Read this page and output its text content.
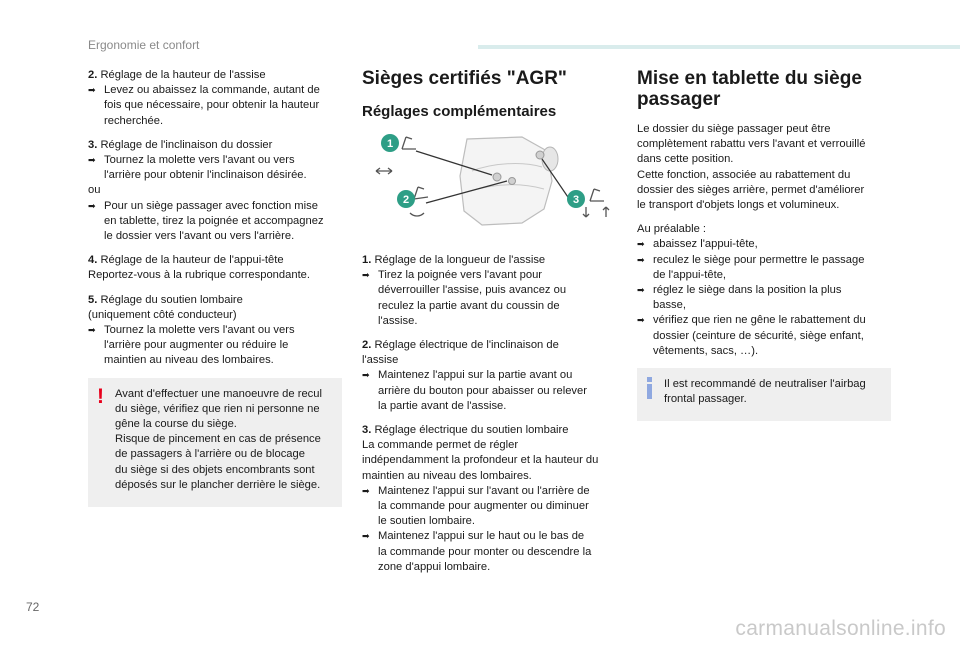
Ergonomie et confort
2. Réglage de la hauteur de l'assise
➡ Levez ou abaissez la commande, autant de
fois que nécessaire, pour obtenir la hauteur
recherchée.
3. Réglage de l'inclinaison du dossier
➡ Tournez la molette vers l'avant ou vers
l'arrière pour obtenir l'inclinaison désirée.
ou
➡ Pour un siège passager avec fonction mise
en tablette, tirez la poignée et accompagnez
le dossier vers l'avant ou vers l'arrière.
4. Réglage de la hauteur de l'appui-tête
Reportez-vous à la rubrique correspondante.
5. Réglage du soutien lombaire
(uniquement côté conducteur)
➡ Tournez la molette vers l'avant ou vers
l'arrière pour augmenter ou réduire le
maintien au niveau des lombaires.
! Avant d'effectuer une manoeuvre de recul
du siège, vérifiez que rien ni personne ne
gêne la course du siège.
Risque de pincement en cas de présence
de passagers à l'arrière ou de blocage
du siège si des objets encombrants sont
déposés sur le plancher derrière le siège.
Sièges certifiés "AGR"
Réglages complémentaires
1
2	3
1. Réglage de la longueur de l'assise
➡ Tirez la poignée vers l'avant pour
déverrouiller l'assise, puis avancez ou
reculez la partie avant du coussin de
l'assise.
2. Réglage électrique de l'inclinaison de
l'assise
➡ Maintenez l'appui sur la partie avant ou
arrière du bouton pour abaisser ou relever
la partie avant de l'assise.
3. Réglage électrique du soutien lombaire
La commande permet de régler
indépendamment la profondeur et la hauteur du
maintien au niveau des lombaires.
➡ Maintenez l'appui sur l'avant ou l'arrière de
la commande pour augmenter ou diminuer
le soutien lombaire.
➡ Maintenez l'appui sur le haut ou le bas de
la commande pour monter ou descendre la
zone d'appui lombaire.
Mise en tablette du siège
passager
Le dossier du siège passager peut être
complètement rabattu vers l'avant et verrouillé
dans cette position.
Cette fonction, associée au rabattement du
dossier des sièges arrière, permet d'améliorer
le transport d'objets longs et volumineux.
Au préalable :
➡ abaissez l'appui-tête,
➡ reculez le siège pour permettre le passage
de l'appui-tête,
➡ réglez le siège dans la position la plus
basse,
➡ vérifiez que rien ne gêne le rabattement du
dossier (ceinture de sécurité, siège enfant,
vêtements, sacs, …).
Il est recommandé de neutraliser l'airbag
frontal passager.
72
carmanualsonline.info
